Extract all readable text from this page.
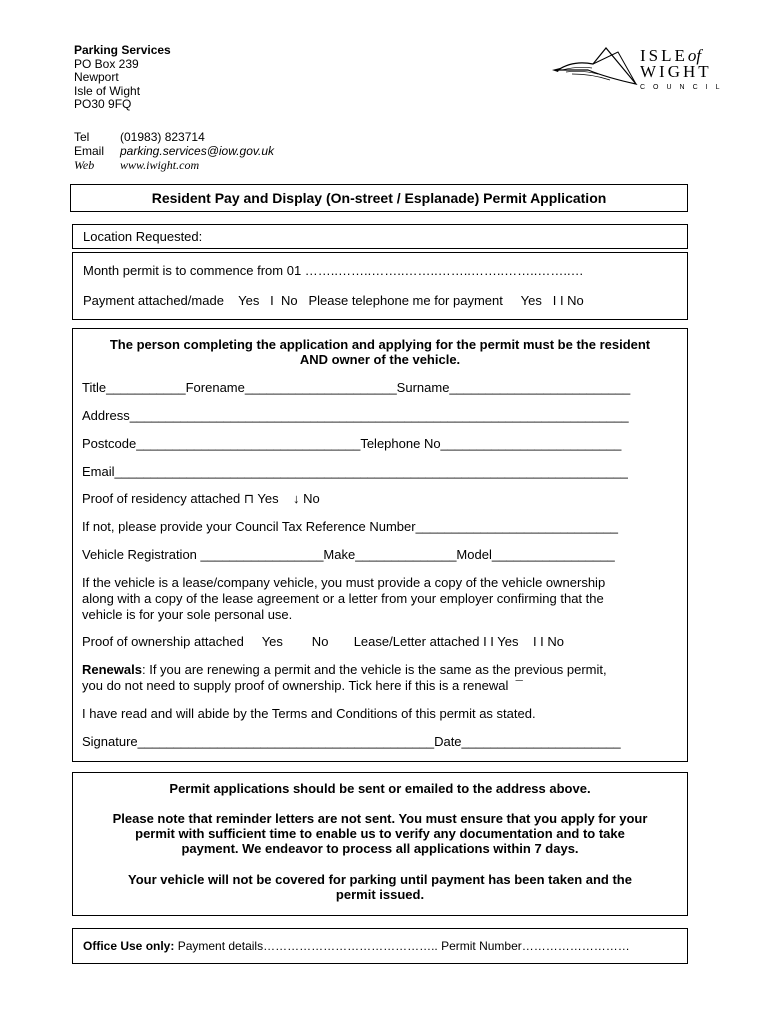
Parking Services
PO Box 239
Newport
Isle of Wight
PO30 9FQ
Tel	(01983) 823714
Email	parking.services@iow.gov.uk
Web	www.iwight.com
ISLEof
WIGHT
COUNCIL
Resident Pay and Display (On-street / Esplanade) Permit Application
Location Requested:
Month permit is to commence from 01 ……..……..……..……..……..……..……..……..…
Payment attached/made    Yes   I  No   Please telephone me for payment     Yes   I I No
The person completing the application and applying for the permit must be the resident
AND owner of the vehicle.
Title___________Forename_____________________Surname_________________________
Address_____________________________________________________________________
Postcode_______________________________Telephone No_________________________
Email_______________________________________________________________________
Proof of residency attached ⊓ Yes    ↓ No
If not, please provide your Council Tax Reference Number____________________________
Vehicle Registration _________________Make______________Model_________________
If the vehicle is a lease/company vehicle, you must provide a copy of the vehicle ownership
along with a copy of the lease agreement or a letter from your employer confirming that the
vehicle is for your sole personal use.
Proof of ownership attached     Yes        No       Lease/Letter attached I I Yes    I I No
Renewals: If you are renewing a permit and the vehicle is the same as the previous permit,
you do not need to supply proof of ownership. Tick here if this is a renewal  ¯
I have read and will abide by the Terms and Conditions of this permit as stated.
Signature_________________________________________Date______________________
Permit applications should be sent or emailed to the address above.
Please note that reminder letters are not sent. You must ensure that you apply for your
permit with sufficient time to enable us to verify any documentation and to take
payment. We endeavor to process all applications within 7 days.
Your vehicle will not be covered for parking until payment has been taken and the
permit issued.
Office Use only: Payment details…………………………………….. Permit Number………………………
